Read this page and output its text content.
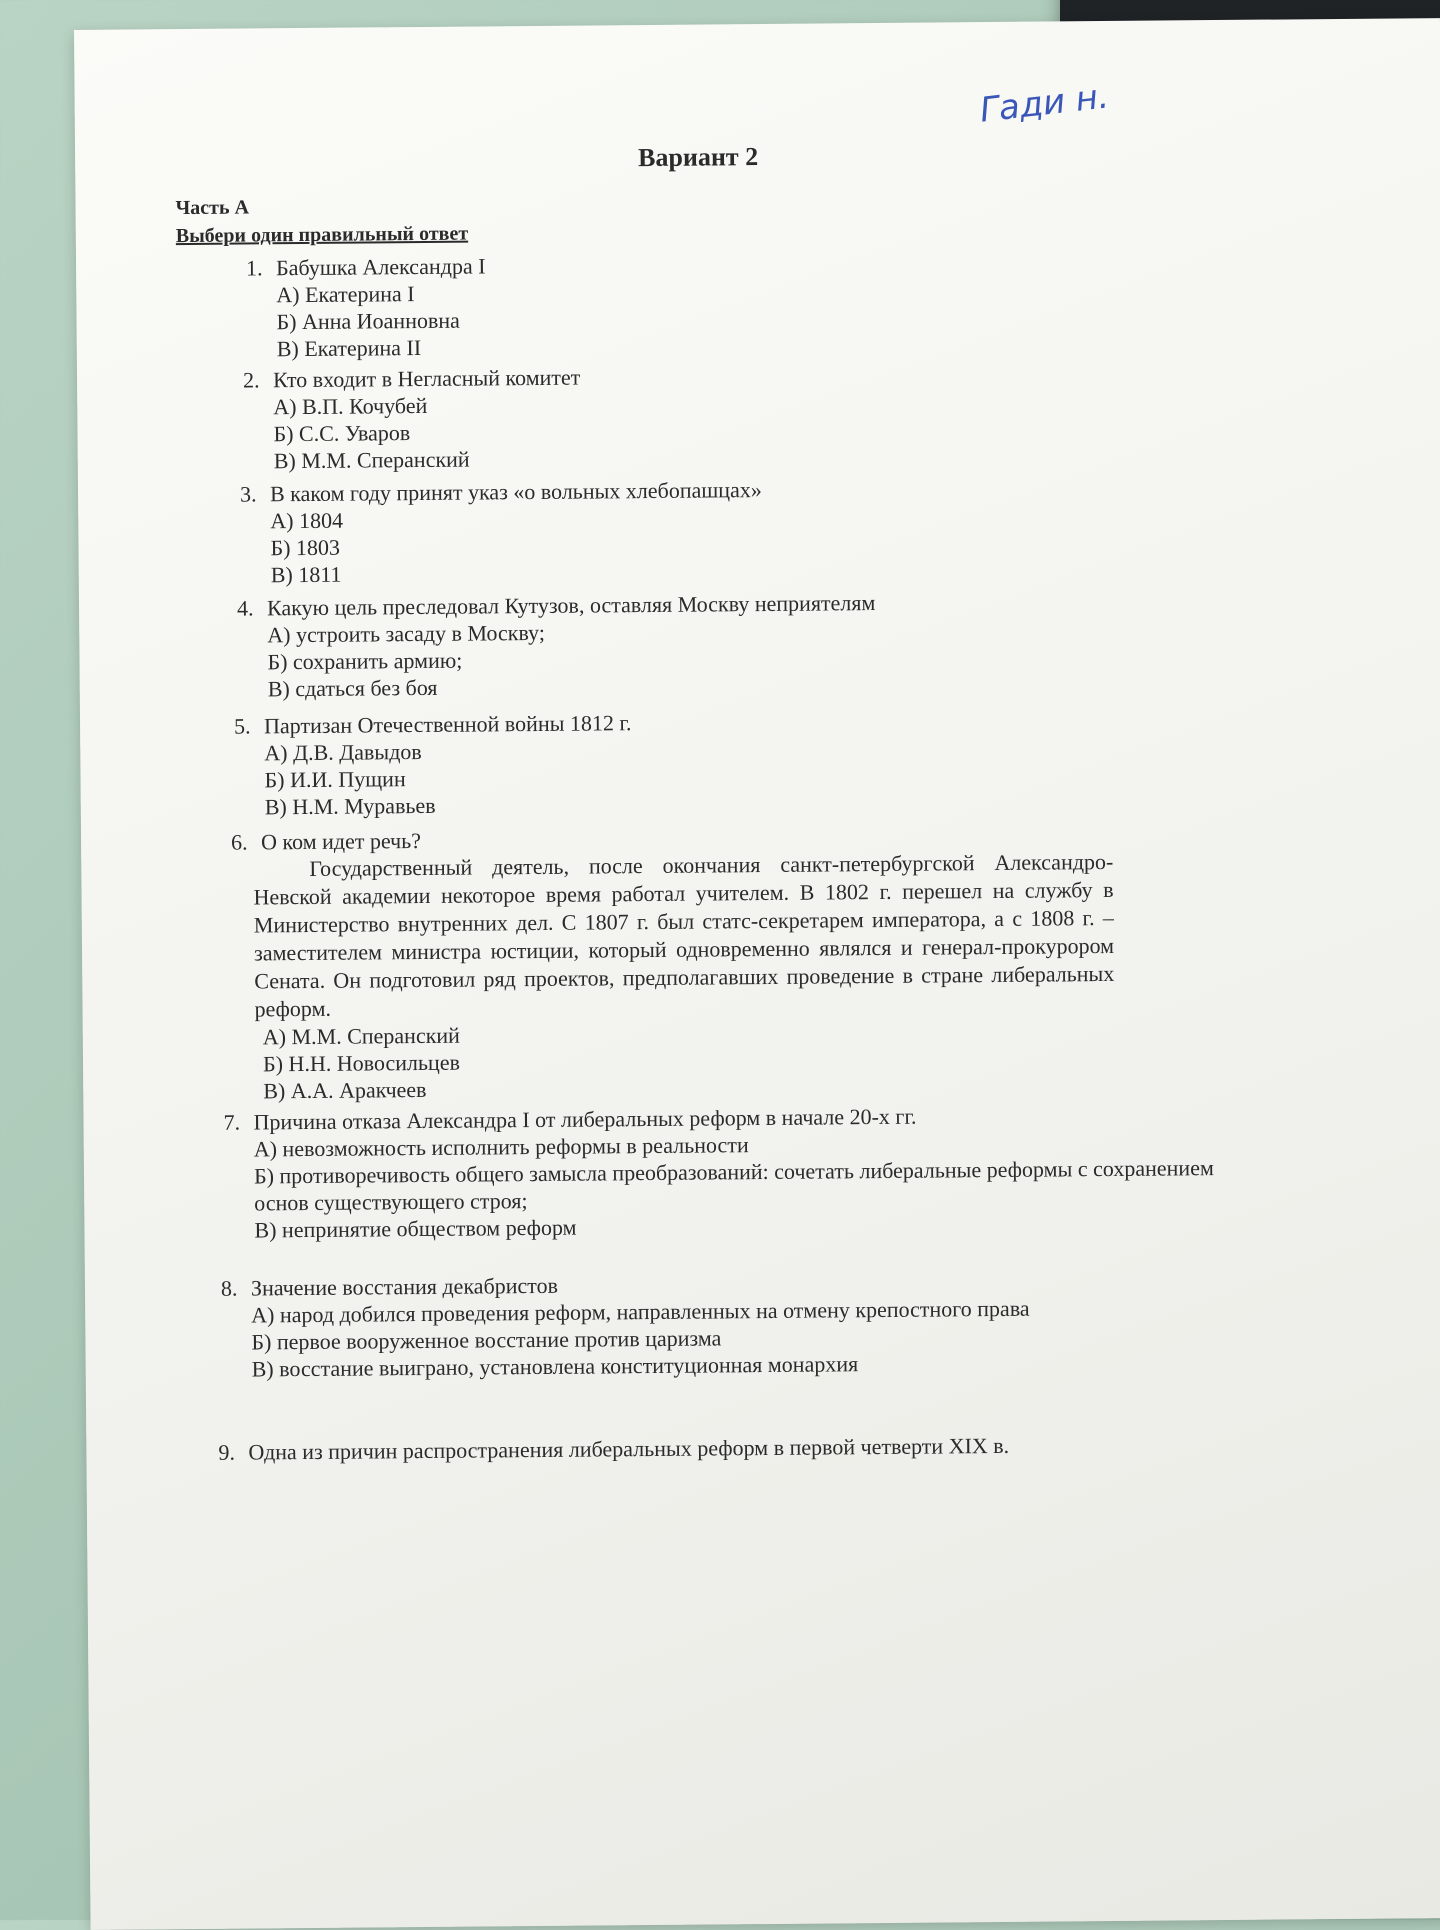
Гади н.
Вариант 2
Часть А
Выбери один правильный ответ
1. Бабушка Александра I
А) Екатерина I
Б) Анна Иоанновна
В) Екатерина II
2. Кто входит в Негласный комитет
А) В.П. Кочубей
Б) С.С. Уваров
В) М.М. Сперанский
3. В каком году принят указ «о вольных хлебопашцах»
А) 1804
Б) 1803
В) 1811
4. Какую цель преследовал Кутузов, оставляя Москву неприятелям
А) устроить засаду в Москву;
Б) сохранить армию;
В) сдаться без боя
5. Партизан Отечественной войны 1812 г.
А) Д.В. Давыдов
Б) И.И. Пущин
В) Н.М. Муравьев
6. О ком идет речь?
Государственный деятель, после окончания санкт-петербургской Александро-Невской академии некоторое время работал учителем. В 1802 г. перешел на службу в Министерство внутренних дел. С 1807 г. был статс-секретарем императора, а с 1808 г. – заместителем министра юстиции, который одновременно являлся и генерал-прокурором Сената. Он подготовил ряд проектов, предполагавших проведение в стране либеральных реформ.
А) М.М. Сперанский
Б) Н.Н. Новосильцев
В) А.А. Аракчеев
7. Причина отказа Александра I от либеральных реформ в начале 20-х гг.
А) невозможность исполнить реформы в реальности
Б) противоречивость общего замысла преобразований: сочетать либеральные реформы с сохранением основ существующего строя;
В) непринятие обществом реформ
8. Значение восстания декабристов
А) народ добился проведения реформ, направленных на отмену крепостного права
Б) первое вооруженное восстание против царизма
В) восстание выиграно, установлена конституционная монархия
9. Одна из причин распространения либеральных реформ в первой четверти XIX в.
